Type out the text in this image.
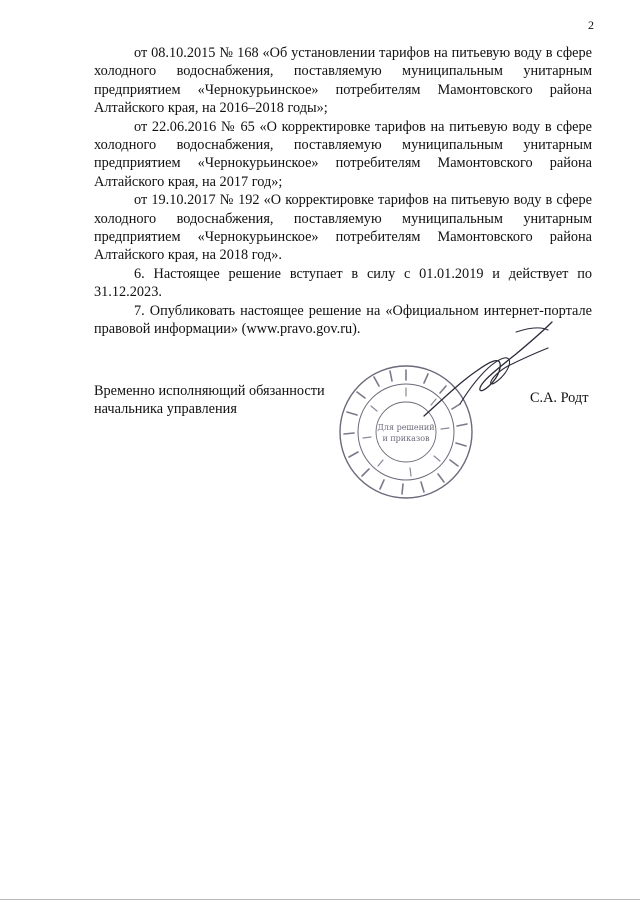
2

от 08.10.2015 № 168 «Об установлении тарифов на питьевую воду в сфере холодного водоснабжения, поставляемую муниципальным унитарным предприятием «Чернокурьинское» потребителям Мамонтовского района Алтайского края, на 2016–2018 годы»;

от 22.06.2016 № 65 «О корректировке тарифов на питьевую воду в сфере холодного водоснабжения, поставляемую муниципальным унитарным предприятием «Чернокурьинское» потребителям Мамонтовского района Алтайского края, на 2017 год»;

от 19.10.2017 № 192 «О корректировке тарифов на питьевую воду в сфере холодного водоснабжения, поставляемую муниципальным унитарным предприятием «Чернокурьинское» потребителям Мамонтовского района Алтайского края, на 2018 год».

6. Настоящее решение вступает в силу с 01.01.2019 и действует по 31.12.2023.

7. Опубликовать настоящее решение на «Официальном интернет-портале правовой информации» (www.pravo.gov.ru).

Временно исполняющий обязанности
начальника управления
Для решений
и приказов
С.А. Родт
